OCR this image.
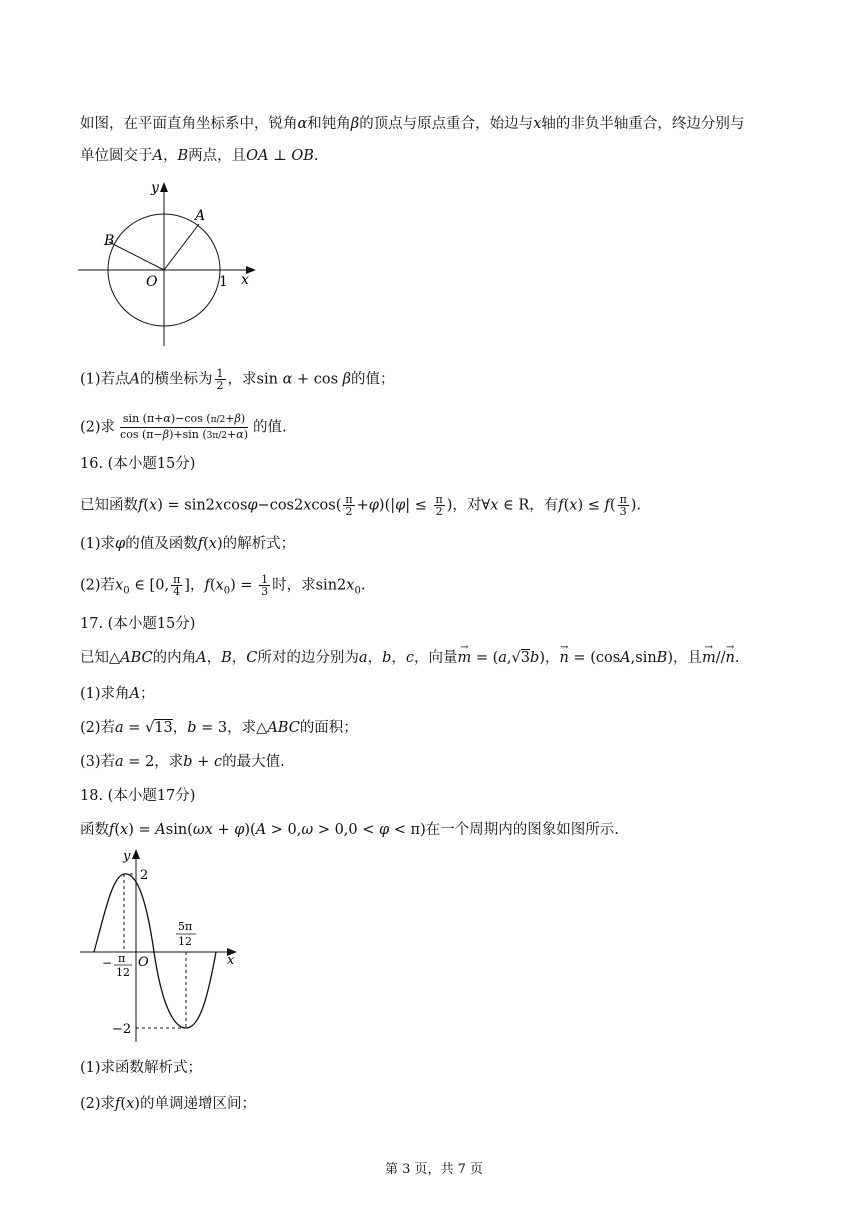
如图，在平面直角坐标系中，锐角α和钝角β的顶点与原点重合，始边与x轴的非负半轴重合，终边分别与
单位圆交于A，B两点，且OA ⊥ OB.
y
x
O	1
A
B
(1)若点A的横坐标为 $\frac{1}{2}$ ，求sin α + cos β的值；
(2)求 $\frac{\sin (\pi+\alpha)-\cos (\pi/2+\beta)}{\cos (\pi-\beta)+\sin (3\pi/2+\alpha)}$ 的值.
16. (本小题15分)
已知函数$f(x) = \sin 2xcos\varphi-\cos 2xcos( \frac{\pi}{2} +\varphi)(|\varphi| \le \frac{\pi}{2}$ )，对∀x ∈ R，有$f(x) \le f( \frac{\pi}{3}$ ).
(1)求φ的值及函数f(x)的解析式；
(2)若$x_0$ ∈ [0, $\frac{\pi}{4}$ ]，$f(x_0) = \frac{1}{3}$ 时，求$\sin 2x_0$.
17. (本小题15分)
已知△ABC的内角A，B，C所对的边分别为a，b，c，向量→ m = (a,√3b)，→ n = (cosA,sinB)，且→ m//→ n.
(1)求角A；
(2)若a = √13，b = 3，求△ABC的面积；
(3)若a = 2，求b + c的最大值.
18. (本小题17分)
函数f(x) = Asin(ωx + φ)(A > 0,ω > 0,0 < φ < π)在一个周期内的图象如图所示.
y
x
O
2
−2
5π
12
− π
12
(1)求函数解析式；
(2)求f(x)的单调递增区间；
第 3 页，共 7 页
